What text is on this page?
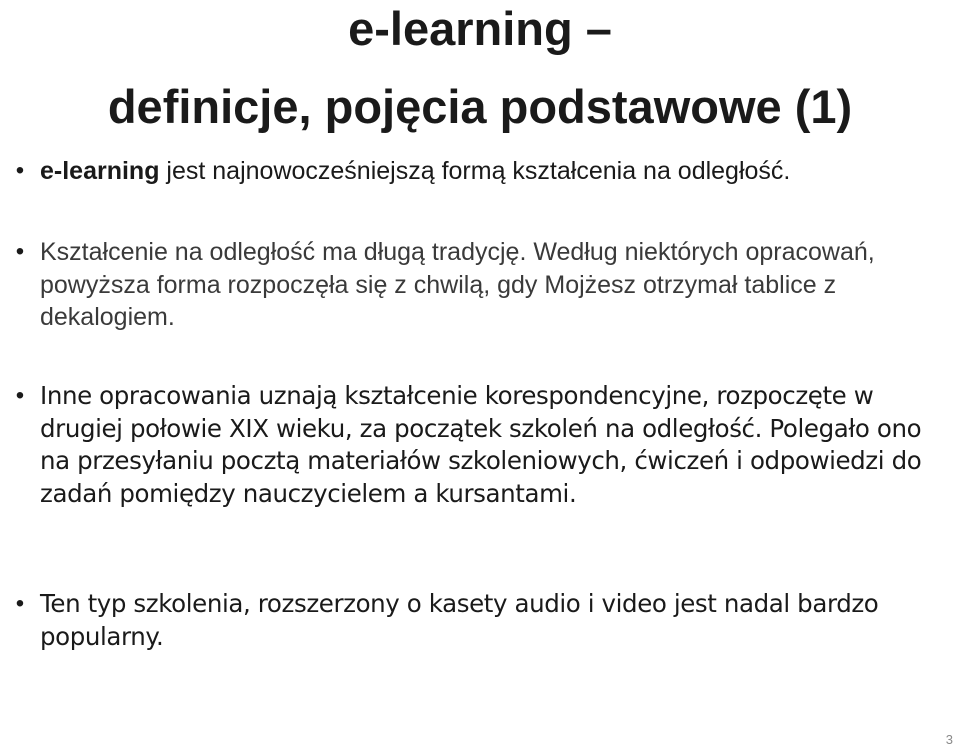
e-learning –
definicje, pojęcia podstawowe (1)
• e-learning jest najnowocześniejszą formą kształcenia na odległość.
• Kształcenie na odległość ma długą tradycję. Według niektórych opracowań, powyższa forma rozpoczęła się z chwilą, gdy Mojżesz otrzymał tablice z dekalogiem.
• Inne opracowania uznają kształcenie korespondencyjne, rozpoczęte w drugiej połowie XIX wieku, za początek szkoleń na odległość. Polegało ono na przesyłaniu pocztą materiałów szkoleniowych, ćwiczeń i odpowiedzi do zadań pomiędzy nauczycielem a kursantami.
• Ten typ szkolenia, rozszerzony o kasety audio i video jest nadal bardzo popularny.
3
